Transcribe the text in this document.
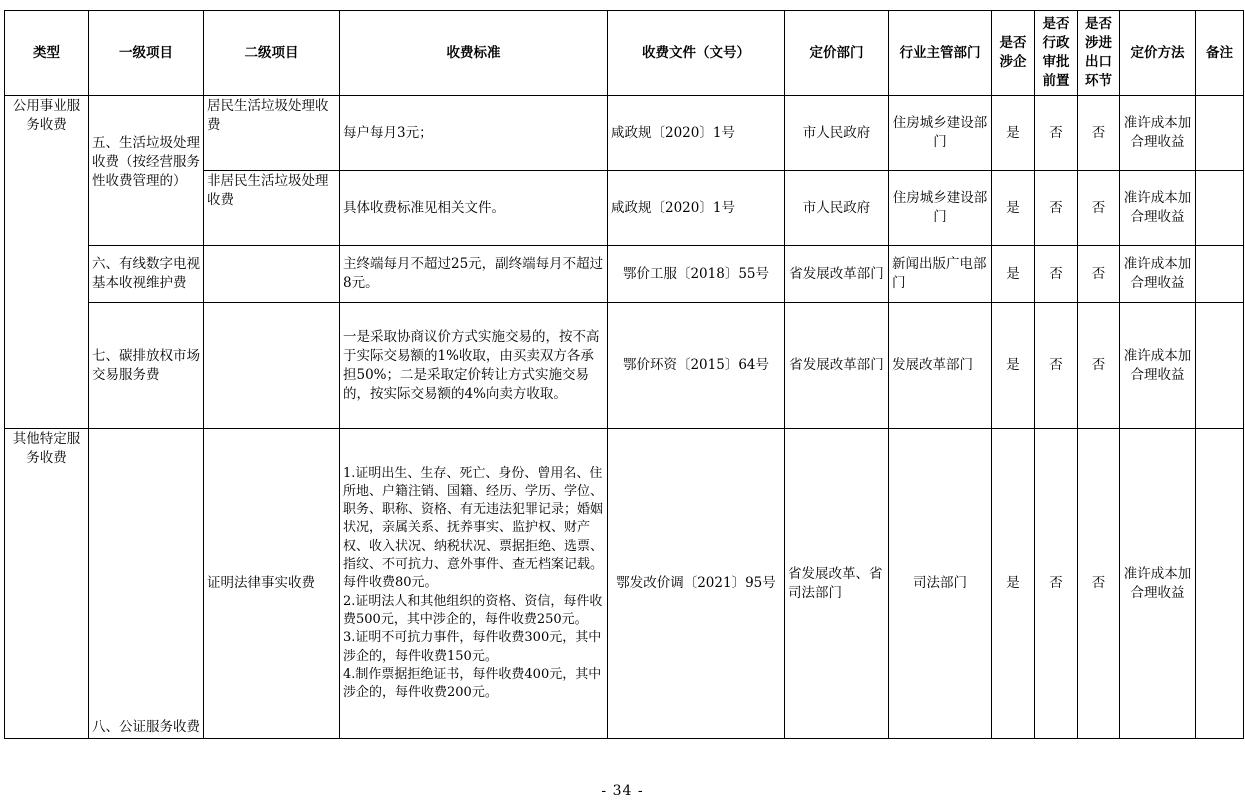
类型	一级项目	二级项目	收费标准	收费文件（文号）	定价部门	行业主管部门	是否涉企	是否行政审批前置	是否涉进出口环节	定价方法	备注
公用事业服务收费	五、生活垃圾处理收费（按经营服务性收费管理的）	居民生活垃圾处理收费	每户每月3元；	咸政规〔2020〕1号	市人民政府	住房城乡建设部门	是	否	否	准许成本加合理收益	
		非居民生活垃圾处理收费	具体收费标准见相关文件。	咸政规〔2020〕1号	市人民政府	住房城乡建设部门	是	否	否	准许成本加合理收益	
	六、有线数字电视基本收视维护费		主终端每月不超过25元，副终端每月不超过8元。	鄂价工服〔2018〕55号	省发展改革部门	新闻出版广电部门	是	否	否	准许成本加合理收益	
	七、碳排放权市场交易服务费		一是采取协商议价方式实施交易的，按不高于实际交易额的1%收取，由买卖双方各承担50%；二是采取定价转让方式实施交易的，按实际交易额的4%向卖方收取。	鄂价环资〔2015〕64号	省发展改革部门	发展改革部门	是	否	否	准许成本加合理收益	
其他特定服务收费	八、公证服务收费	证明法律事实收费	1.证明出生、生存、死亡、身份、曾用名、住所地、户籍注销、国籍、经历、学历、学位、职务、职称、资格、有无违法犯罪记录；婚姻状况，亲属关系、抚养事实、监护权、财产权、收入状况、纳税状况、票据拒绝、选票、指纹、不可抗力、意外事件、查无档案记载。每件收费80元。
2.证明法人和其他组织的资格、资信，每件收费500元，其中涉企的，每件收费250元。
3.证明不可抗力事件，每件收费300元，其中涉企的，每件收费150元。
4.制作票据拒绝证书，每件收费400元，其中涉企的，每件收费200元。	鄂发改价调〔2021〕95号	省发展改革、省司法部门	司法部门	是	否	否	准许成本加合理收益	
- 34 -
